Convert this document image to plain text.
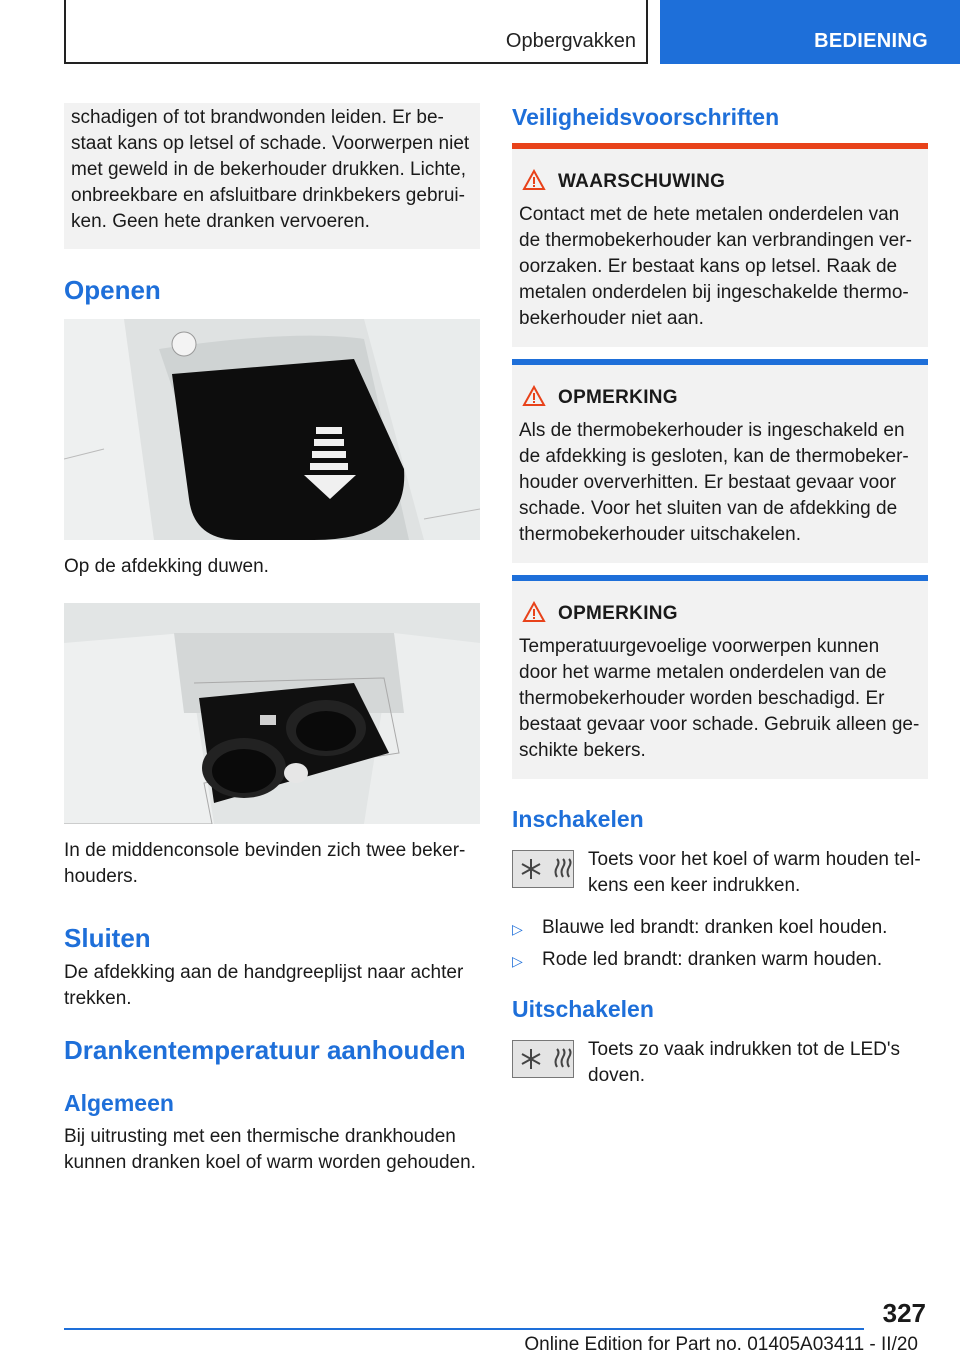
Opbergvakken	BEDIENING
schadigen of tot brandwonden leiden. Er be-
staat kans op letsel of schade. Voorwerpen niet
met geweld in de bekerhouder drukken. Lichte,
onbreekbare en afsluitbare drinkbekers gebrui-
ken. Geen hete dranken vervoeren.
Openen
Op de afdekking duwen.
In de middenconsole bevinden zich twee beker-
houders.
Sluiten
De afdekking aan de handgreeplijst naar achter
trekken.
Drankentemperatuur aanhouden
Algemeen
Bij uitrusting met een thermische drankhouden
kunnen dranken koel of warm worden gehouden.
Veiligheidsvoorschriften
WAARSCHUWING
Contact met de hete metalen onderdelen van
de thermobekerhouder kan verbrandingen ver-
oorzaken. Er bestaat kans op letsel. Raak de
metalen onderdelen bij ingeschakelde thermo-
bekerhouder niet aan.
OPMERKING
Als de thermobekerhouder is ingeschakeld en
de afdekking is gesloten, kan de thermobeker-
houder oververhitten. Er bestaat gevaar voor
schade. Voor het sluiten van de afdekking de
thermobekerhouder uitschakelen.
OPMERKING
Temperatuurgevoelige voorwerpen kunnen
door het warme metalen onderdelen van de
thermobekerhouder worden beschadigd. Er
bestaat gevaar voor schade. Gebruik alleen ge-
schikte bekers.
Inschakelen
Toets voor het koel of warm houden tel-
kens een keer indrukken.
▷ Blauwe led brandt: dranken koel houden.
▷ Rode led brandt: dranken warm houden.
Uitschakelen
Toets zo vaak indrukken tot de LED's
doven.
327
Online Edition for Part no. 01405A03411 - II/20
